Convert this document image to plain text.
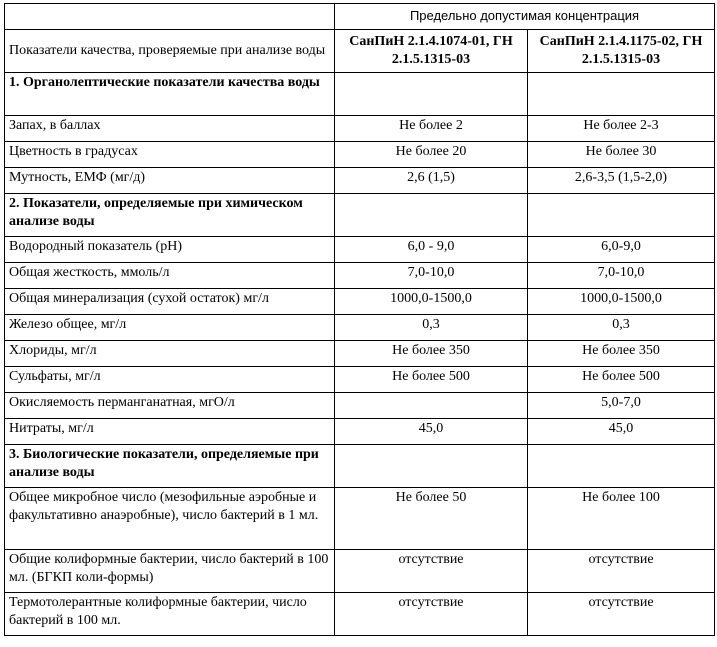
	Предельно допустимая концентрация	
Показатели качества, проверяемые при анализе воды	СанПиН 2.1.4.1074-01, ГН 2.1.5.1315-03	СанПиН 2.1.4.1175-02, ГН 2.1.5.1315-03
1. Органолептические показатели качества воды		
Запах, в баллах	Не более 2	Не более 2-3
Цветность в градусах	Не более 20	Не более 30
Мутность, ЕМФ (мг/д)	2,6 (1,5)	2,6-3,5 (1,5-2,0)
2. Показатели, определяемые при химическом анализе воды		
Водородный показатель (pH)	6,0 - 9,0	6,0-9,0
Общая жесткость, ммоль/л	7,0-10,0	7,0-10,0
Общая минерализация (сухой остаток) мг/л	1000,0-1500,0	1000,0-1500,0
Железо общее, мг/л	0,3	0,3
Хлориды, мг/л	Не более 350	Не более 350
Сульфаты, мг/л	Не более 500	Не более 500
Окисляемость перманганатная, мгО/л		5,0-7,0
Нитраты, мг/л	45,0	45,0
3. Биологические показатели, определяемые при анализе воды		
Общее микробное число (мезофильные аэробные и факультативно анаэробные), число бактерий в 1 мл.	Не более 50	Не более 100
Общие колиформные бактерии, число бактерий в 100 мл. (БГКП коли-формы)	отсутствие	отсутствие
Термотолерантные колиформные бактерии, число бактерий в 100 мл.	отсутствие	отсутствие
